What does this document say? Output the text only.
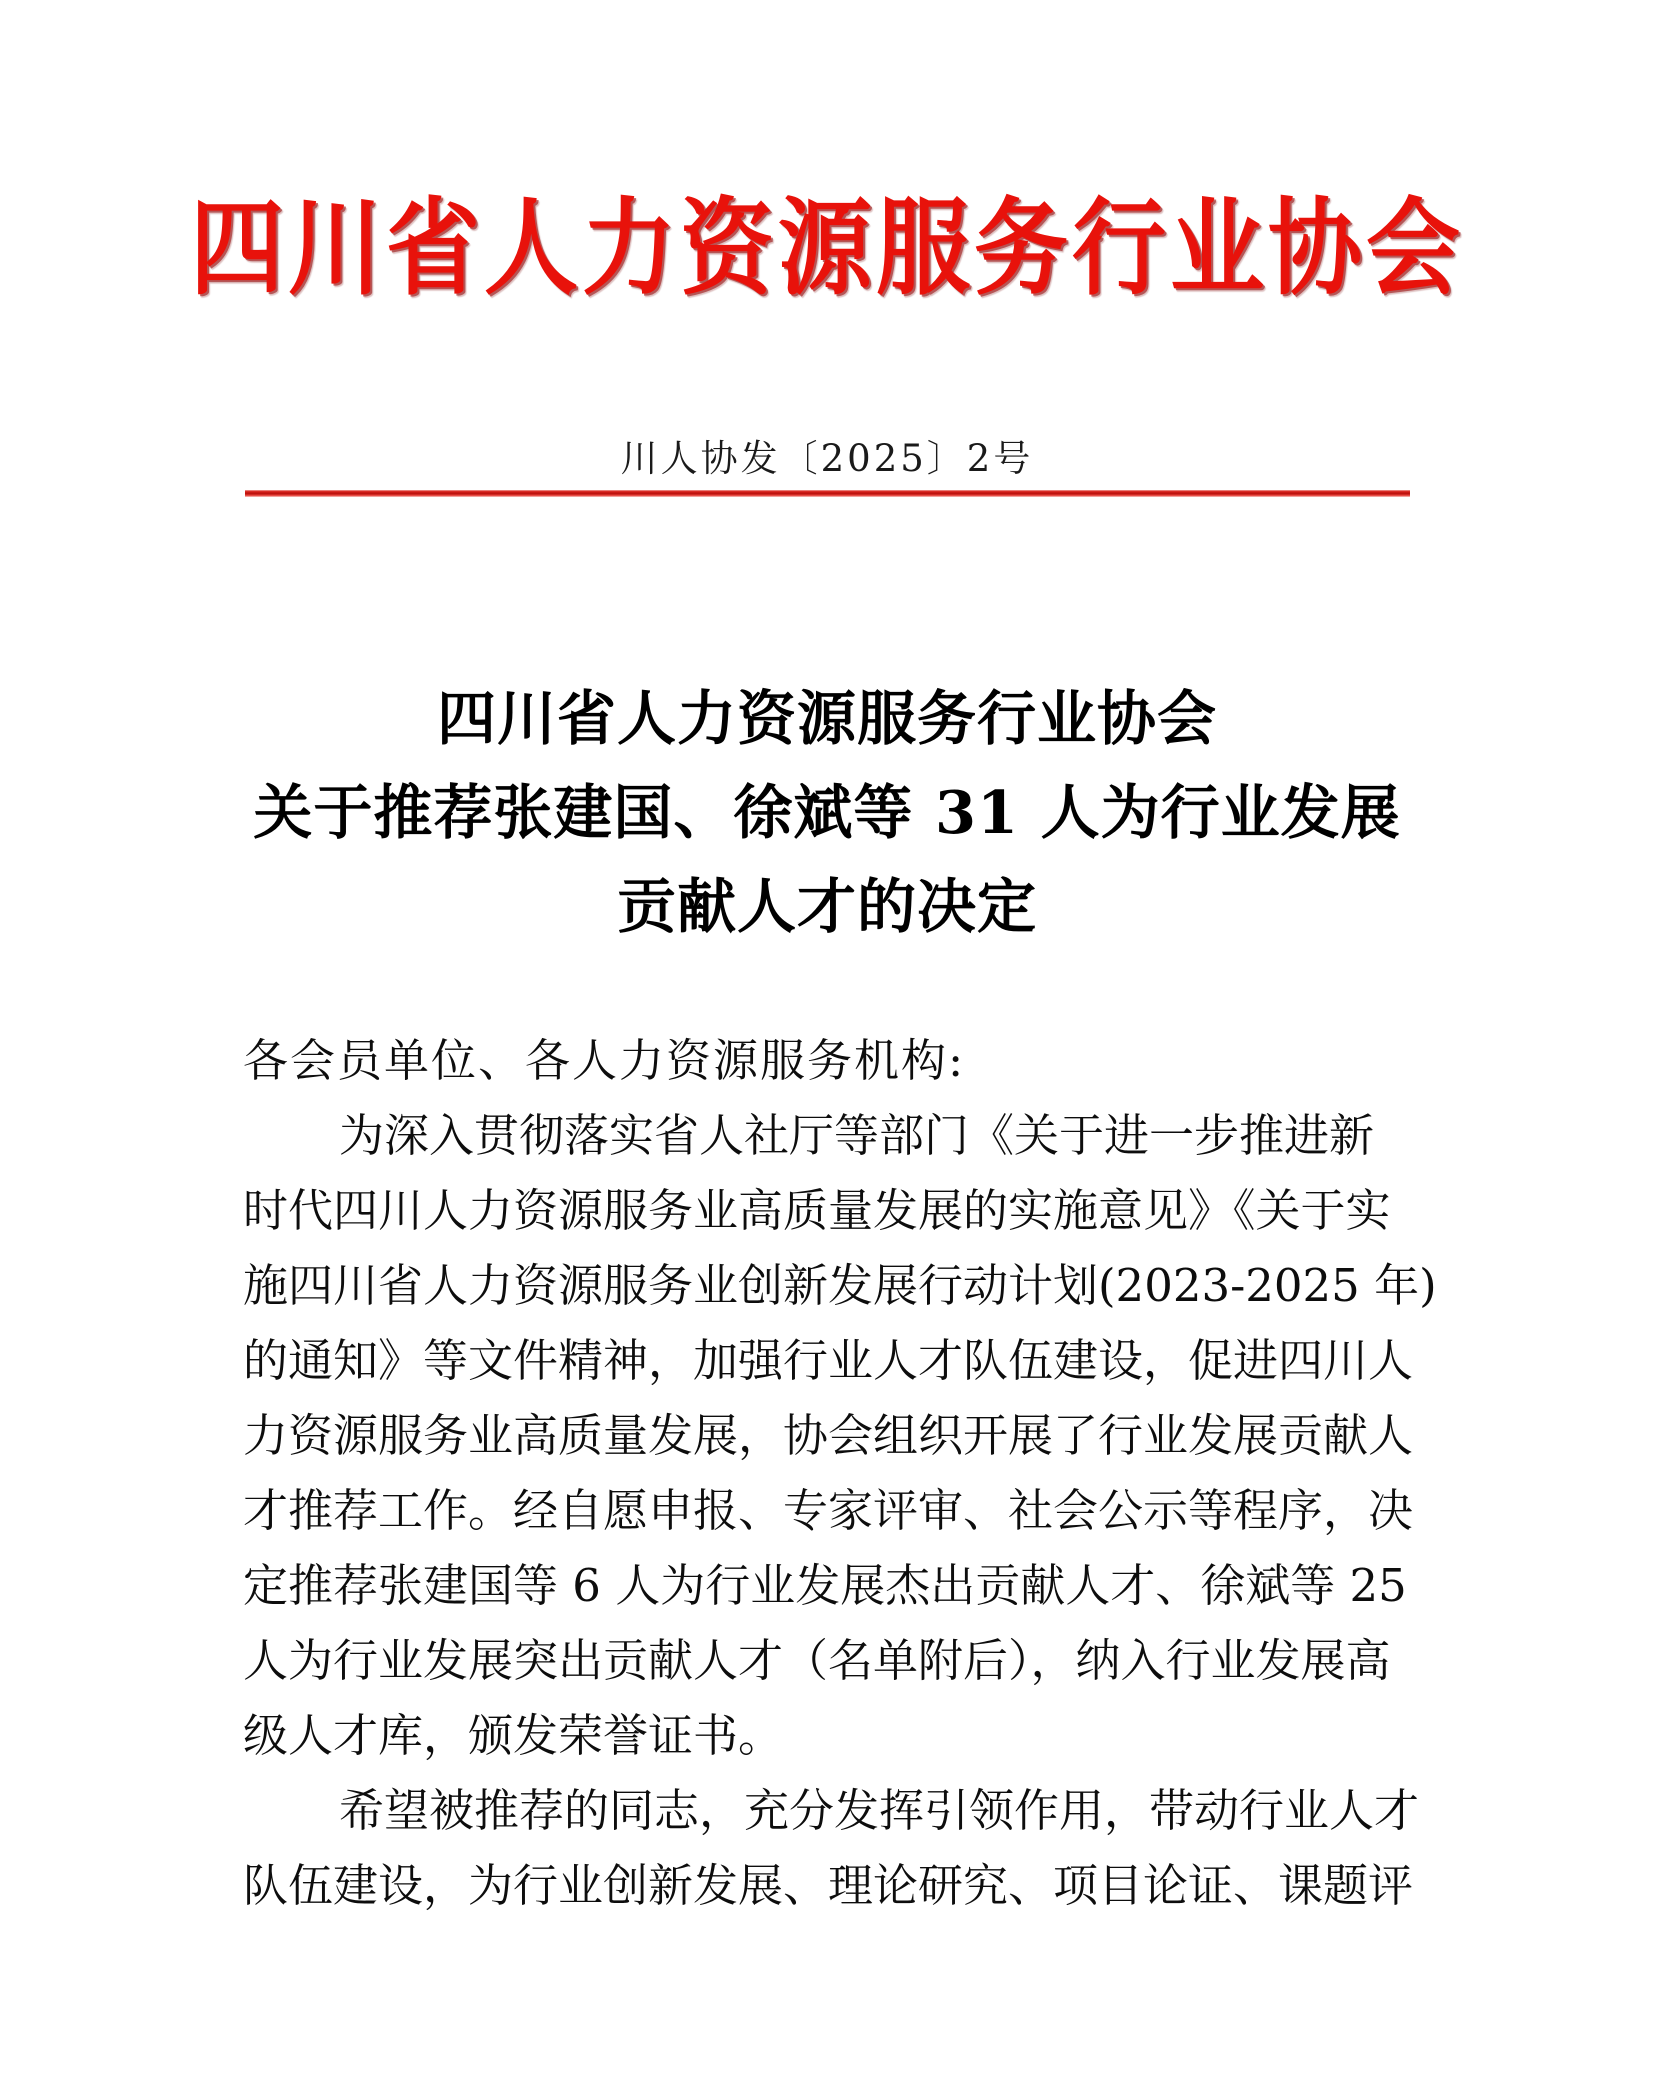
四川省人力资源服务行业协会
川人协发〔2025〕2号
四川省人力资源服务行业协会
关于推荐张建国、徐斌等 31 人为行业发展
贡献人才的决定
各会员单位、各人力资源服务机构:
为深入贯彻落实省人社厅等部门《关于进一步推进新
时代四川人力资源服务业高质量发展的实施意见》《关于实
施四川省人力资源服务业创新发展行动计划(2023-2025 年)
的通知》等文件精神，加强行业人才队伍建设，促进四川人
力资源服务业高质量发展，协会组织开展了行业发展贡献人
才推荐工作。经自愿申报、专家评审、社会公示等程序，决
定推荐张建国等 6 人为行业发展杰出贡献人才、徐斌等 25
人为行业发展突出贡献人才（名单附后），纳入行业发展高
级人才库，颁发荣誉证书。
希望被推荐的同志，充分发挥引领作用，带动行业人才
队伍建设，为行业创新发展、理论研究、项目论证、课题评
